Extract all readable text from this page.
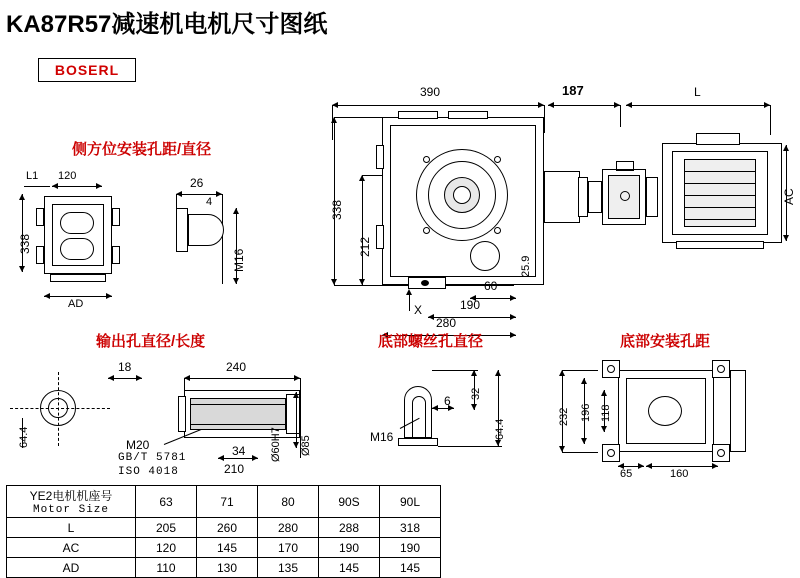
KA87R57减速机电机尺寸图纸
BOSERL
390	187	L
338
212
25.9
AC
X
60
190
280
侧方位安装孔距/直径
L1 120
338
AD
26
4
M16
输出孔直径/长度
18
64.4
240
M20
GB/T 5781
ISO 4018
34
210
Ø60H7 Ø85
底部螺丝孔直径
M16
6
32
64.4
底部安装孔距
232 196 118
65	160
YE2电机机座号
Motor Size	63	71	80	90S	90L
L	205	260	280	288	318
AC	120	145	170	190	190
AD	110	130	135	145	145
